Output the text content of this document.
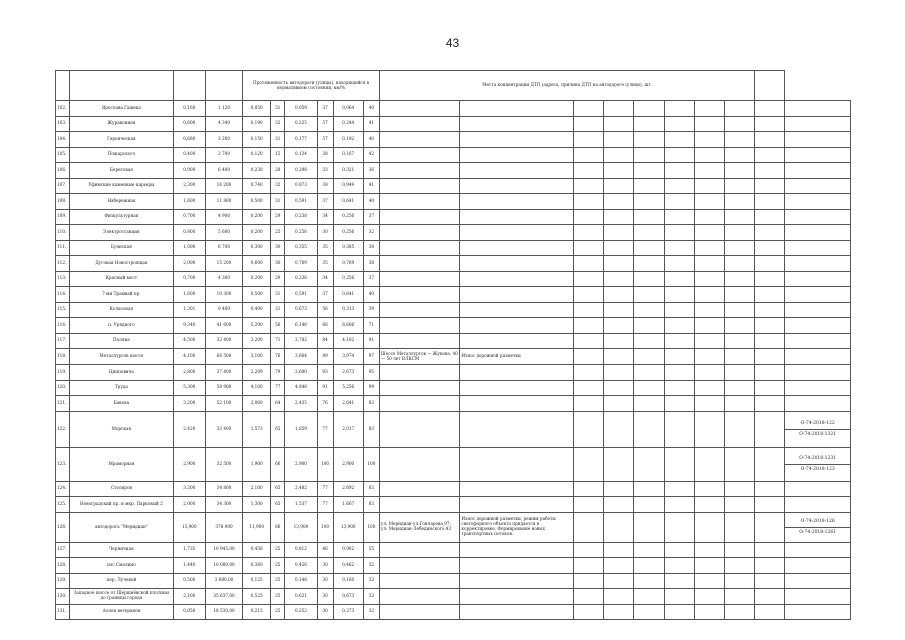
43
				Протяженность автодороги (улицы), находящейся в нормативном состоянии, км/%						Места концентрации ДТП (адреса, причина ДТП на автодороге (улице), шт.									
102.	Ярослава Гашека	0,160	1 120	0,050	31	0,059	37	0,064	40										
103.	Журавлиная	0,600	4 340	0,190	32	0,225	37	0,244	41										
104.	Героическая	0,680	3 200	0,150	31	0,177	37	0,192	40										
105.	Пожарского	0,400	2 700	0,120	15	0,134	38	0,167	42										
106.	Береговая	0,900	6 400	0,230	28	0,298	33	0,321	36										
107.	Уфимские каменные карьеры	2,300	16 200	0,740	32	0,873	38	0,949	41										
108.	Набережная	1,600	11 880	0,500	31	0,591	37	0,641	40										
109.	Физкультурная	0,700	4 900	0,200	29	0,238	34	0,256	37										
110.	Электростанция	0,800	5 600	0,200	25	0,256	30	0,256	32										
111.	Буянская	1,000	6 700	0,300	30	0,355	35	0,385	38										
112.	Дуговая Новостроящая	2,000	15 200	0,600	30	0,709	35	0,769	38										
113.	Красный мост	0,700	4 300	0,200	29	0,236	34	0,256	37										
114.	7-ми Трамвай пр.	1,600	10 300	0,500	31	0,591	37	0,641	40										
115.	Колхозная	1,301	9 400	0,400	31	0,673	56	0,313	39										
116.	п. Урядного	9,340	41 600	5,200	56	6,146	66	6,666	71										
117.	Поляна	4,500	32 400	3,200	71	3,782	84	4,102	91										
118.	Металлургов шоссе	4,100	66 500	3,100	76	3,664	89	3,974	97	Шоссе Металлургов — Жукова, 40 — 50 лет ВЛКСМ	Износ дорожной разметки								
119.	Ципповича	2,800	37 400	2,209	79	2,600	93	2,673	95										
120.	Труда	5,300	58 900	4,100	77	4,846	91	5,256	99										
121.	Бакова	3,200	52 100	2,060	64	2,435	76	2,641	83										
122.	Морская	2,420	33 400	1,573	65	1,859	77	2,017	83										О-74-2018-122
О-74-2018-1321

123.	Мраморная	2,900	32 500	1,900	66	2,900	100	2,900	100										О-74-2018-1231
О-74-2018-123

124.	Столяров	3,200	34 800	2,100	65	2,482	77	2,692	83										
125.	Новоградский пр. и мкр. Парковый 2	2,000	34 300	1,300	65	1,537	77	1,667	83										
126.	автодорога "Меридиан"	13,900	378 000	11,900	86	13,900	100	13,900	100	ул. Меридиан-ул.Гончарова,97; ул. Меридиан-Лебединского,43	Износ дорожной разметки, режим работы светофорного объекта придается в корректировке, Формирование новых транспортных потоков.								О-74-2018-126
О-74-2018-1261

127.	Черничная	1,735	10 945,00	0,458	25	0,812	46	0,962	55										
128.	пос.Смолино	1,440	10 080,00	0,360	25	0,426	30	0,462	32										
129.	пер. Лучевой	0,500	3 680,00	0,125	25	0,148	30	0,160	32										
130.	Западное шоссе от Шершнёвской плотины до границы города	2,100	35 637,00	0,525	25	0,621	30	0,673	32										
131.	Аллея ветеранов	0,850	18 530,00	0,213	25	0,252	30	0,273	32										
